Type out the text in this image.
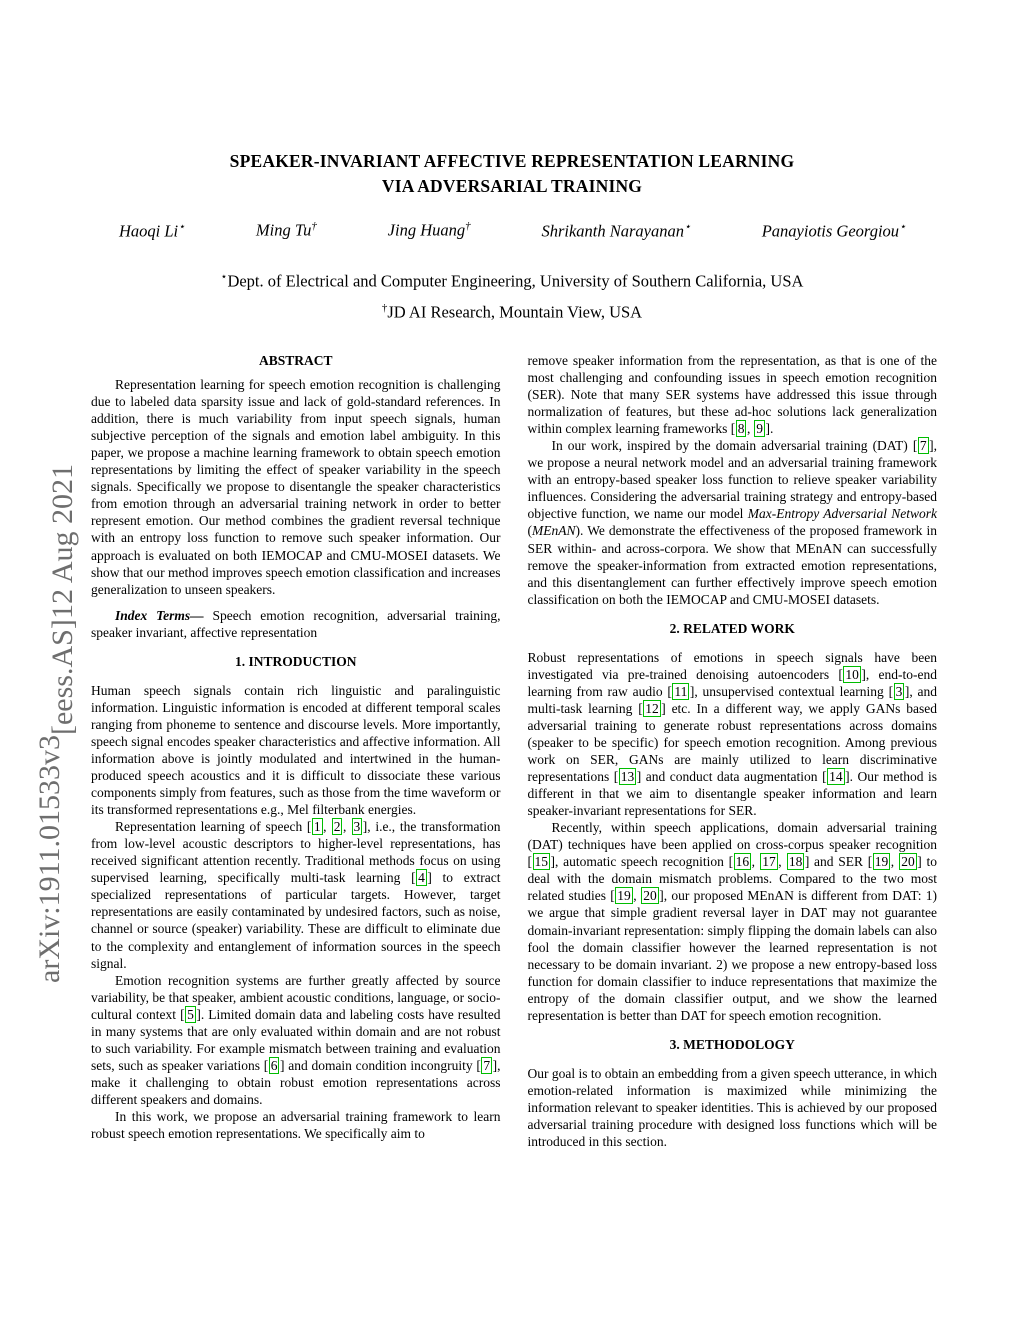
arXiv:1911.01533v3
[eess.AS]
12 Aug 2021
SPEAKER-INVARIANT AFFECTIVE REPRESENTATION LEARNING
VIA ADVERSARIAL TRAINING
Haoqi Li⋆	Ming Tu†	Jing Huang†	Shrikanth Narayanan⋆	Panayiotis Georgiou⋆
⋆Dept. of Electrical and Computer Engineering, University of Southern California, USA
†JD AI Research, Mountain View, USA
ABSTRACT

Representation learning for speech emotion recognition is challenging due to labeled data sparsity issue and lack of gold-standard references. In addition, there is much variability from input speech signals, human subjective perception of the signals and emotion label ambiguity. In this paper, we propose a machine learning framework to obtain speech emotion representations by limiting the effect of speaker variability in the speech signals. Specifically we propose to disentangle the speaker characteristics from emotion through an adversarial training network in order to better represent emotion. Our method combines the gradient reversal technique with an entropy loss function to remove such speaker information. Our approach is evaluated on both IEMOCAP and CMU-MOSEI datasets. We show that our method improves speech emotion classification and increases generalization to unseen speakers.

Index Terms— Speech emotion recognition, adversarial training, speaker invariant, affective representation

1. INTRODUCTION

Human speech signals contain rich linguistic and paralinguistic information. Linguistic information is encoded at different temporal scales ranging from phoneme to sentence and discourse levels. More importantly, speech signal encodes speaker characteristics and affective information. All information above is jointly modulated and intertwined in the human-produced speech acoustics and it is difficult to dissociate these various components simply from features, such as those from the time waveform or its transformed representations e.g., Mel filterbank energies.

Representation learning of speech [ 1 , 2 , 3 ], i.e., the transformation from low-level acoustic descriptors to higher-level representations, has received significant attention recently. Traditional methods focus on using supervised learning, specifically multi-task learning [ 4 ] to extract specialized representations of particular targets. However, target representations are easily contaminated by undesired factors, such as noise, channel or source (speaker) variability. These are difficult to eliminate due to the complexity and entanglement of information sources in the speech signal.

Emotion recognition systems are further greatly affected by source variability, be that speaker, ambient acoustic conditions, language, or socio-cultural context [ 5 ]. Limited domain data and labeling costs have resulted in many systems that are only evaluated within domain and are not robust to such variability. For example mismatch between training and evaluation sets, such as speaker variations [ 6 ] and domain condition incongruity [ 7 ], make it challenging to obtain robust emotion representations across different speakers and domains.

In this work, we propose an adversarial training framework to learn robust speech emotion representations. We specifically aim to

remove speaker information from the representation, as that is one of the most challenging and confounding issues in speech emotion recognition (SER). Note that many SER systems have addressed this issue through normalization of features, but these ad-hoc solutions lack generalization within complex learning frameworks [ 8 , 9 ].

In our work, inspired by the domain adversarial training (DAT) [ 7 ], we propose a neural network model and an adversarial training framework with an entropy-based speaker loss function to relieve speaker variability influences. Considering the adversarial training strategy and entropy-based objective function, we name our model Max-Entropy Adversarial Network (MEnAN). We demonstrate the effectiveness of the proposed framework in SER within- and across-corpora. We show that MEnAN can successfully remove the speaker-information from extracted emotion representations, and this disentanglement can further effectively improve speech emotion classification on both the IEMOCAP and CMU-MOSEI datasets.

2. RELATED WORK

Robust representations of emotions in speech signals have been investigated via pre-trained denoising autoencoders [ 10 ], end-to-end learning from raw audio [ 11 ], unsupervised contextual learning [ 3 ], and multi-task learning [ 12 ] etc. In a different way, we apply GANs based adversarial training to generate robust representations across domains (speaker to be specific) for speech emotion recognition. Among previous work on SER, GANs are mainly utilized to learn discriminative representations [ 13 ] and conduct data augmentation [ 14 ]. Our method is different in that we aim to disentangle speaker information and learn speaker-invariant representations for SER.

Recently, within speech applications, domain adversarial training (DAT) techniques have been applied on cross-corpus speaker recognition [ 15 ], automatic speech recognition [ 16 , 17 , 18 ] and SER [ 19 , 20 ] to deal with the domain mismatch problems. Compared to the two most related studies [ 19 , 20 ], our proposed MEnAN is different from DAT: 1) we argue that simple gradient reversal layer in DAT may not guarantee domain-invariant representation: simply flipping the domain labels can also fool the domain classifier however the learned representation is not necessary to be domain invariant. 2) we propose a new entropy-based loss function for domain classifier to induce representations that maximize the entropy of the domain classifier output, and we show the learned representation is better than DAT for speech emotion recognition.

3. METHODOLOGY

Our goal is to obtain an embedding from a given speech utterance, in which emotion-related information is maximized while minimizing the information relevant to speaker identities. This is achieved by our proposed adversarial training procedure with designed loss functions which will be introduced in this section.
